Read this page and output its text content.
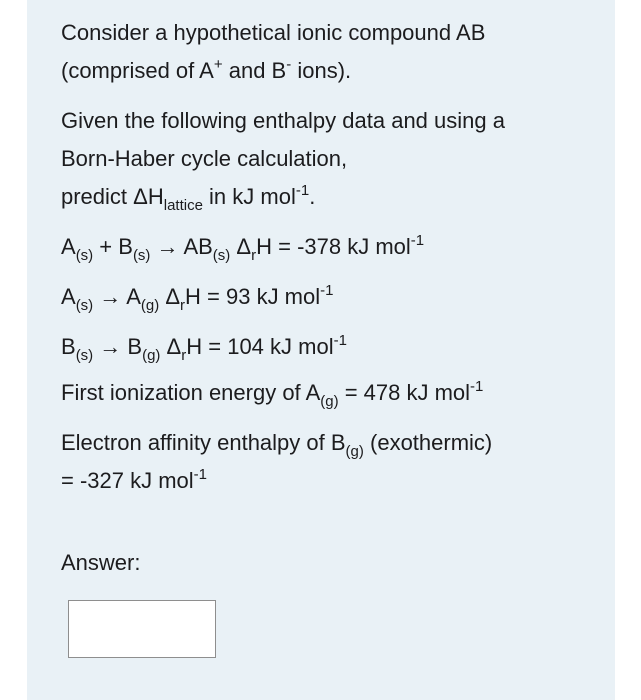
Consider a hypothetical ionic compound AB

(comprised of A+ and B- ions).

Given the following enthalpy data and using a

Born-Haber cycle calculation,

predict $\Delta H_{lattice}$ in kJ mol$^{-1}$.

$A_{(s)} + B_{(s)} \to AB_{(s)}$ $\Delta_rH = -378$ kJ mol$^{-1}$

$A_{(s)} \to A_{(g)}$ $\Delta_rH = 93$ kJ mol$^{-1}$

$B_{(s)} \to B_{(g)}$ $\Delta_rH = 104$ kJ mol$^{-1}$

First ionization energy of $A_{(g)} = 478$ kJ mol$^{-1}$

Electron affinity enthalpy of $B_{(g)}$ (exothermic)

= -327 kJ mol$^{-1}$

Answer:
